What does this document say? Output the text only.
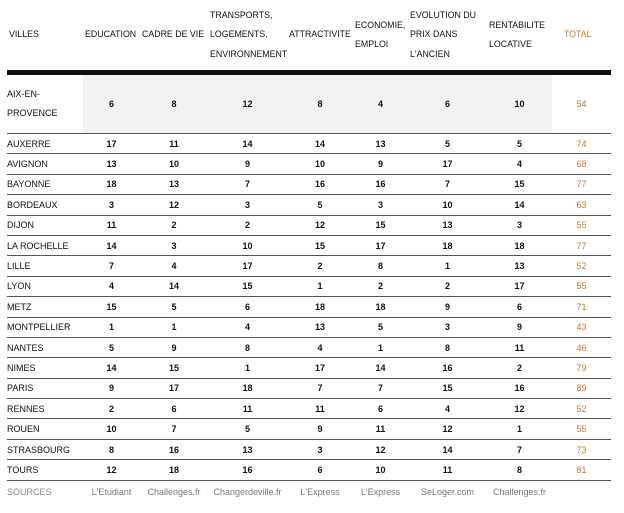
VILLES	EDUCATION	CADRE DE VIE	TRANSPORTS, LOGEMENTS, ENVIRONNEMENT	ATTRACTIVITE	ECONOMIE, EMPLOI	EVOLUTION DU PRIX DANS L'ANCIEN	RENTABILITE LOCATIVE	TOTAL
AIX-EN-PROVENCE	6	8	12	8	4	6	10	54
AUXERRE	17	11	14	14	13	5	5	74
AVIGNON	13	10	9	10	9	17	4	68
BAYONNE	18	13	7	16	16	7	15	77
BORDEAUX	3	12	3	5	3	10	14	63
DIJON	11	2	2	12	15	13	3	55
LA ROCHELLE	14	3	10	15	17	18	18	77
LILLE	7	4	17	2	8	1	13	52
LYON	4	14	15	1	2	2	17	55
METZ	15	5	6	18	18	9	6	71
MONTPELLIER	1	1	4	13	5	3	9	43
NANTES	5	9	8	4	1	8	11	46
NIMES	14	15	1	17	14	16	2	79
PARIS	9	17	18	7	7	15	16	89
RENNES	2	6	11	11	6	4	12	52
ROUEN	10	7	5	9	11	12	1	55
STRASBOURG	8	16	13	3	12	14	7	73
TOURS	12	18	16	6	10	11	8	81
SOURCES	L'Etudiant	Challenges.fr	Changerdeville.fr	L'Express	L'Express	SeLoger.com	Challenges.fr	
